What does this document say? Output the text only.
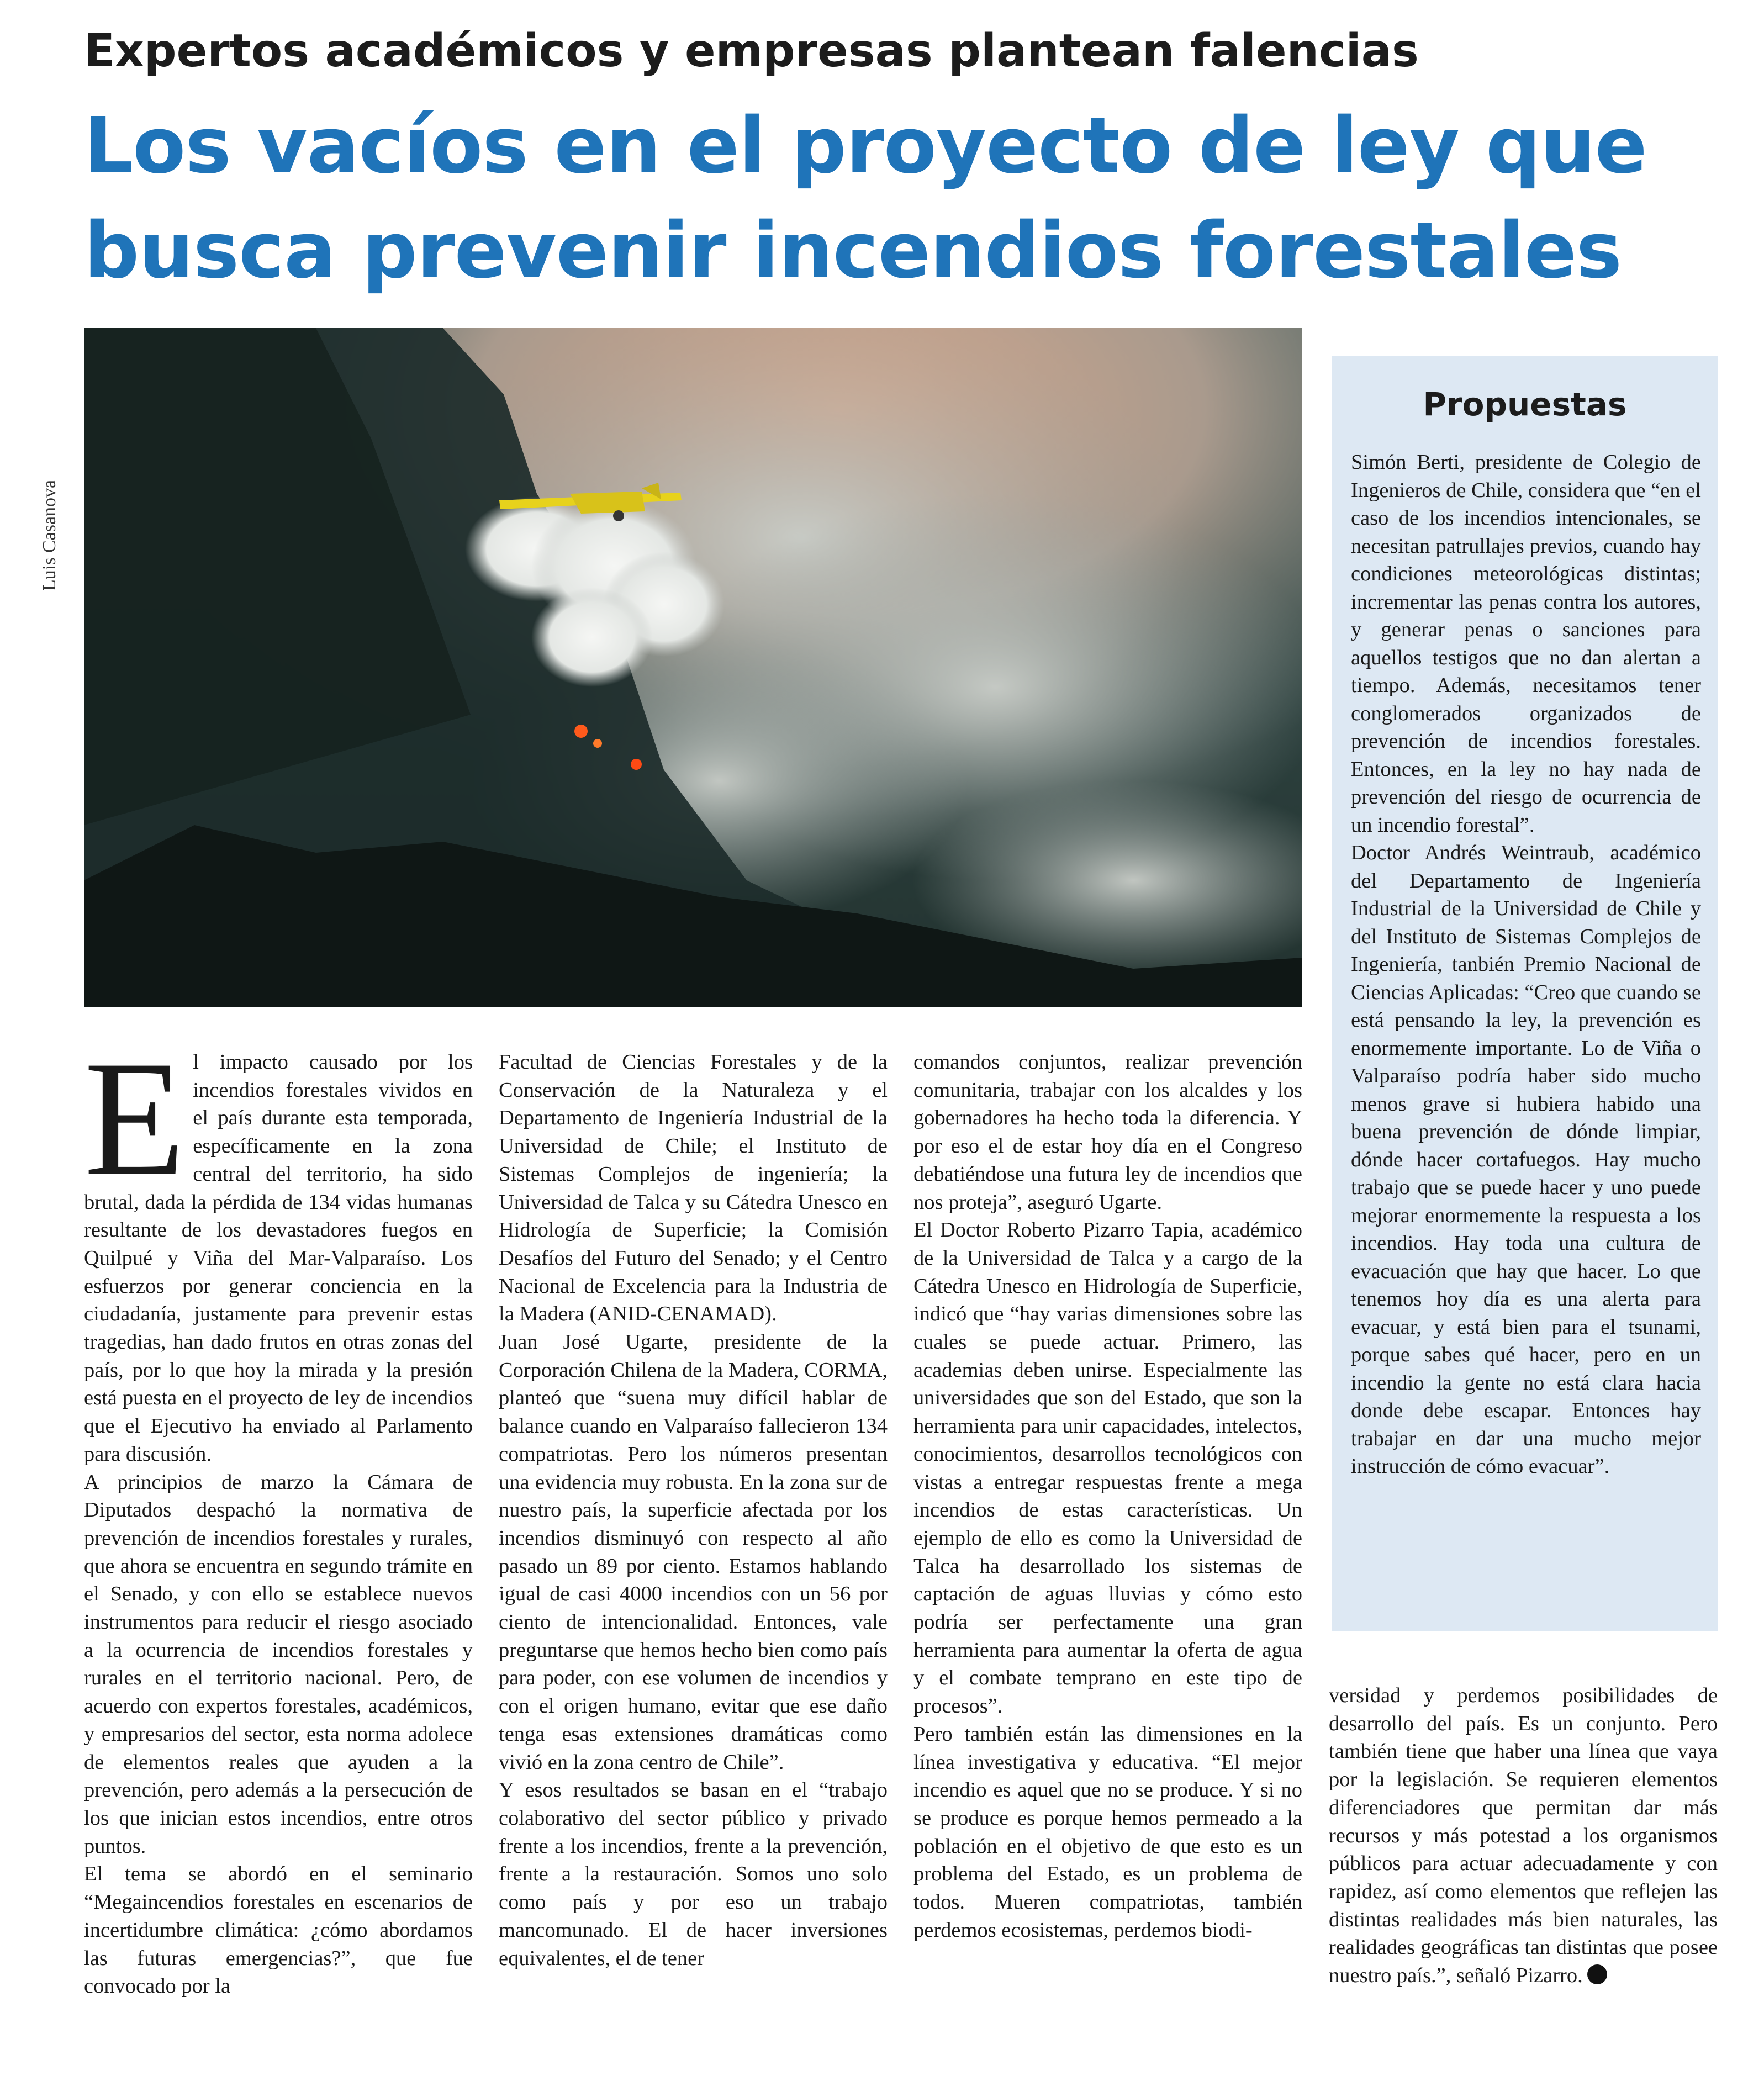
Expertos académicos y empresas plantean falencias
Los vacíos en el proyecto de ley que busca prevenir incendios forestales
Luis Casanova
Propuestas

Simón Berti, presidente de Colegio de Ingenieros de Chile, considera que “en el caso de los incendios intencionales, se necesitan patrullajes previos, cuando hay condiciones meteorológicas distintas; incrementar las penas contra los autores, y generar penas o sanciones para aquellos testigos que no dan alertan a tiempo. Además, necesitamos tener conglomerados organizados de prevención de incendios forestales. Entonces, en la ley no hay nada de prevención del riesgo de ocurrencia de un incendio forestal”.

Doctor Andrés Weintraub, académico del Departamento de Ingeniería Industrial de la Universidad de Chile y del Instituto de Sistemas Complejos de Ingeniería, tanbién Premio Nacional de Ciencias Aplicadas: “Creo que cuando se está pensando la ley, la prevención es enormemente importante. Lo de Viña o Valparaíso podría haber sido mucho menos grave si hubiera habido una buena prevención de dónde limpiar, dónde hacer cortafuegos. Hay mucho trabajo que se puede hacer y uno puede mejorar enormemente la respuesta a los incendios. Hay toda una cultura de evacuación que hay que hacer. Lo que tenemos hoy día es una alerta para evacuar, y está bien para el tsunami, porque sabes qué hacer, pero en un incendio la gente no está clara hacia donde debe escapar. Entonces hay trabajar en dar una mucho mejor instrucción de cómo evacuar”.

El impacto causado por los incendios forestales vividos en el país durante esta temporada, específicamente en la zona central del territorio, ha sido brutal, dada la pérdida de 134 vidas humanas resultante de los devastadores fuegos en Quilpué y Viña del Mar-Valparaíso. Los esfuerzos por generar conciencia en la ciudadanía, justamente para prevenir estas tragedias, han dado frutos en otras zonas del país, por lo que hoy la mirada y la presión está puesta en el proyecto de ley de incendios que el Ejecutivo ha enviado al Parlamento para discusión.

A principios de marzo la Cámara de Diputados despachó la normativa de prevención de incendios forestales y rurales, que ahora se encuentra en segundo trámite en el Senado, y con ello se establece nuevos instrumentos para reducir el riesgo asociado a la ocurrencia de incendios forestales y rurales en el territorio nacional. Pero, de acuerdo con expertos forestales, académicos, y empresarios del sector, esta norma adolece de elementos reales que ayuden a la prevención, pero además a la persecución de los que inician estos incendios, entre otros puntos.

El tema se abordó en el seminario “Megaincendios forestales en escenarios de incertidumbre climática: ¿cómo abordamos las futuras emergencias?”, que fue convocado por la

Facultad de Ciencias Forestales y de la Conservación de la Naturaleza y el Departamento de Ingeniería Industrial de la Universidad de Chile; el Instituto de Sistemas Complejos de ingeniería; la Universidad de Talca y su Cátedra Unesco en Hidrología de Superficie; la Comisión Desafíos del Futuro del Senado; y el Centro Nacional de Excelencia para la Industria de la Madera (ANID-CENAMAD).

Juan José Ugarte, presidente de la Corporación Chilena de la Madera, CORMA, planteó que “suena muy difícil hablar de balance cuando en Valparaíso fallecieron 134 compatriotas. Pero los números presentan una evidencia muy robusta. En la zona sur de nuestro país, la superficie afectada por los incendios disminuyó con respecto al año pasado un 89 por ciento. Estamos hablando igual de casi 4000 incendios con un 56 por ciento de intencionalidad. Entonces, vale preguntarse que hemos hecho bien como país para poder, con ese volumen de incendios y con el origen humano, evitar que ese daño tenga esas extensiones dramáticas como vivió en la zona centro de Chile”.

Y esos resultados se basan en el “trabajo colaborativo del sector público y privado frente a los incendios, frente a la prevención, frente a la restauración. Somos uno solo como país y por eso un trabajo mancomunado. El de hacer inversiones equivalentes, el de tener

comandos conjuntos, realizar prevención comunitaria, trabajar con los alcaldes y los gobernadores ha hecho toda la diferencia. Y por eso el de estar hoy día en el Congreso debatiéndose una futura ley de incendios que nos proteja”, aseguró Ugarte.

El Doctor Roberto Pizarro Tapia, académico de la Universidad de Talca y a cargo de la Cátedra Unesco en Hidrología de Superficie, indicó que “hay varias dimensiones sobre las cuales se puede actuar. Primero, las academias deben unirse. Especialmente las universidades que son del Estado, que son la herramienta para unir capacidades, intelectos, conocimientos, desarrollos tecnológicos con vistas a entregar respuestas frente a mega incendios de estas características. Un ejemplo de ello es como la Universidad de Talca ha desarrollado los sistemas de captación de aguas lluvias y cómo esto podría ser perfectamente una gran herramienta para aumentar la oferta de agua y el combate temprano en este tipo de procesos”.

Pero también están las dimensiones en la línea investigativa y educativa. “El mejor incendio es aquel que no se produce. Y si no se produce es porque hemos permeado a la población en el objetivo de que esto es un problema del Estado, es un problema de todos. Mueren compatriotas, también perdemos ecosistemas, perdemos biodi-

versidad y perdemos posibilidades de desarrollo del país. Es un conjunto. Pero también tiene que haber una línea que vaya por la legislación. Se requieren elementos diferenciadores que permitan dar más recursos y más potestad a los organismos públicos para actuar adecuadamente y con rapidez, así como elementos que reflejen las distintas realidades más bien naturales, las realidades geográficas tan distintas que posee nuestro país.”, señaló Pizarro.
